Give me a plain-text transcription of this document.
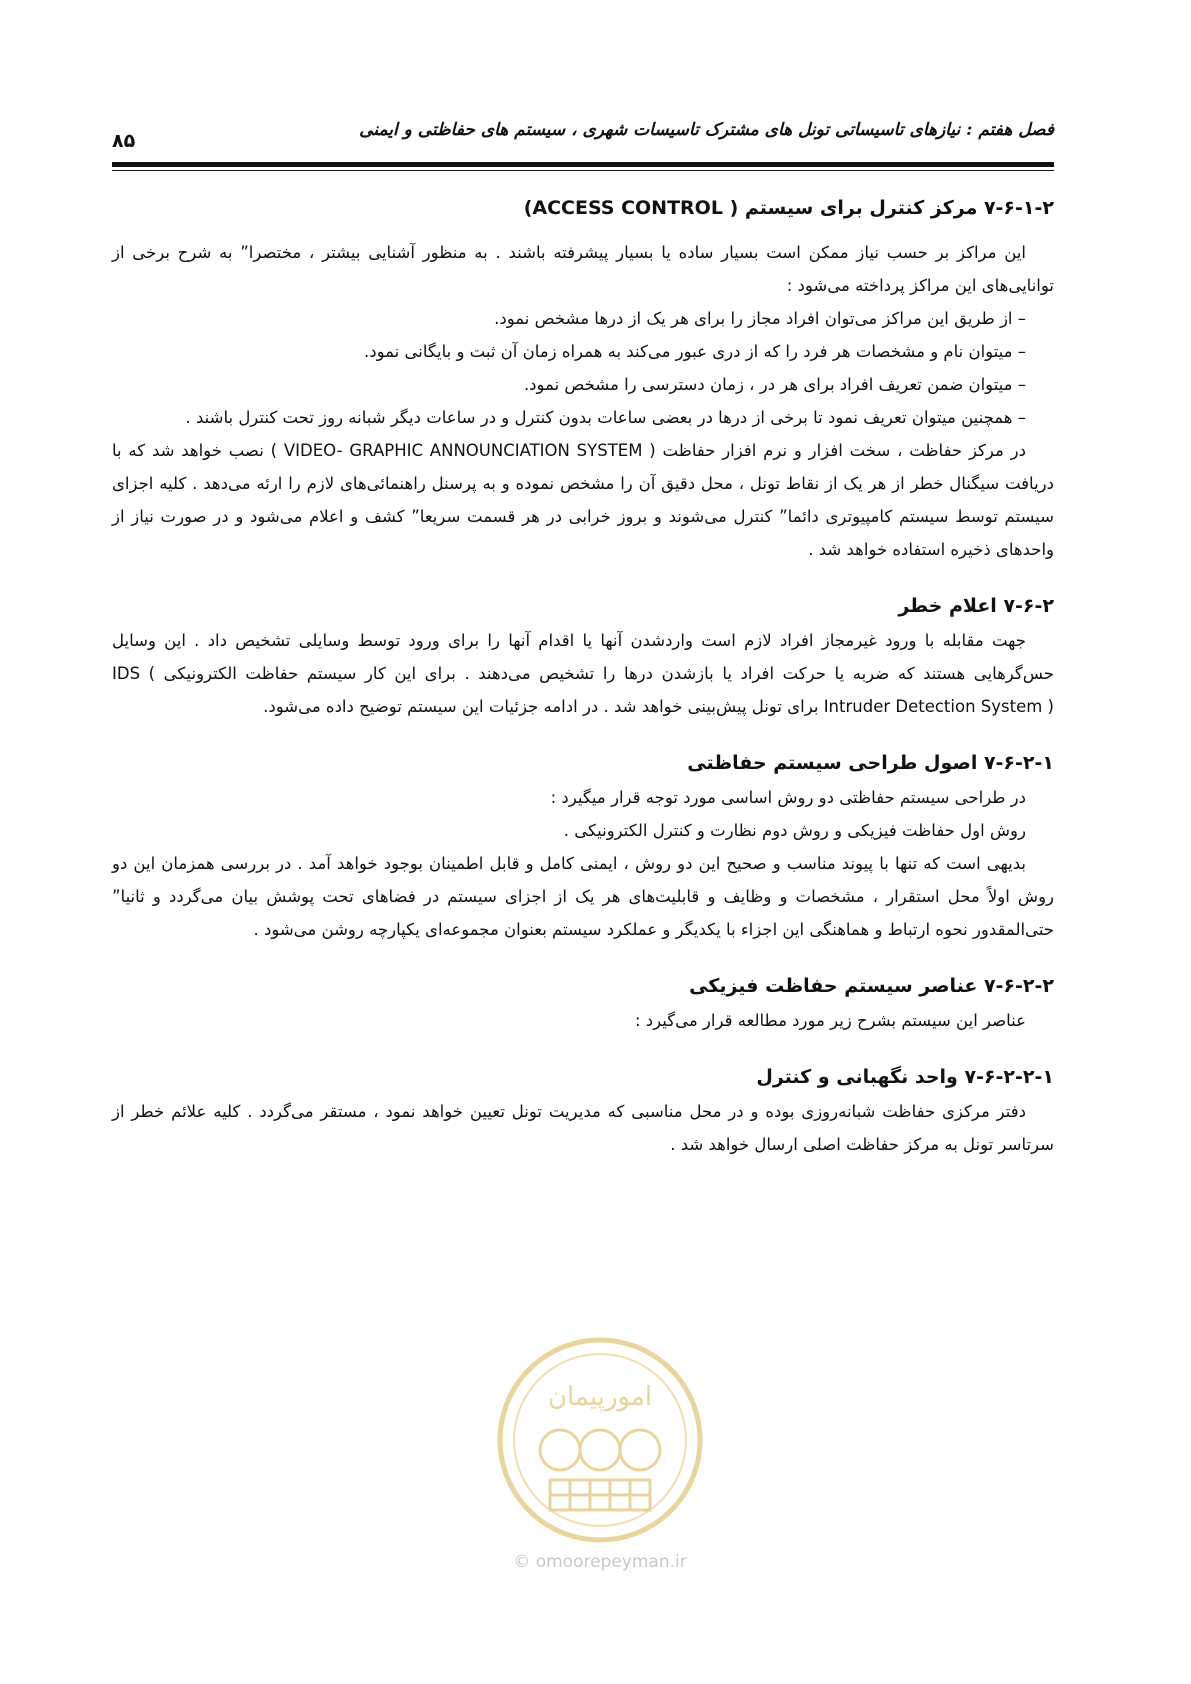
۸۵	فصل هفتم : نیازهای تاسیساتی تونل های مشترک تاسیسات شهری ، سیستم های حفاظتی و ایمنی
۷-۶-۱-۲ مرکز کنترل برای سیستم ( ACCESS CONTROL)

این مراکز بر حسب نیاز ممکن است بسیار ساده یا بسیار پیشرفته باشند . به منظور آشنایی بیشتر ، مختصرا” به شرح برخی از توانایی‌های این مراکز پرداخته می‌شود :

– از طریق این مراکز می‌توان افراد مجاز را برای هر یک از درها مشخص نمود.

– میتوان نام و مشخصات هر فرد را که از دری عبور می‌کند به همراه زمان آن ثبت و بایگانی نمود.

– میتوان ضمن تعریف افراد برای هر در ، زمان دسترسی را مشخص نمود.

– همچنین میتوان تعریف نمود تا برخی از درها در بعضی ساعات بدون کنترل و در ساعات دیگر شبانه روز تحت کنترل باشند .

در مرکز حفاظت ، سخت افزار و نرم افزار حفاظت ( VIDEO- GRAPHIC ANNOUNCIATION SYSTEM ) نصب خواهد شد که با دریافت سیگنال خطر از هر یک از نقاط تونل ، محل دقیق آن را مشخص نموده و به پرسنل راهنمائی‌های لازم را ارئه می‌دهد . کلیه اجزای سیستم توسط سیستم کامپیوتری دائما” کنترل می‌شوند و بروز خرابی در هر قسمت سریعا” کشف و اعلام می‌شود و در صورت نیاز از واحدهای ذخیره استفاده خواهد شد .

۷-۶-۲ اعلام خطر

جهت مقابله با ورود غیرمجاز افراد لازم است واردشدن آنها یا اقدام آنها را برای ورود توسط وسایلی تشخیص داد . این وسایل حس‌گرهایی هستند که ضربه یا حرکت افراد یا بازشدن درها را تشخیص می‌دهند . برای این کار سیستم حفاظت الکترونیکی IDS ( Intruder Detection System ) برای تونل پیش‌بینی خواهد شد . در ادامه جزئیات این سیستم توضیح داده می‌شود.

۷-۶-۲-۱ اصول طراحی سیستم حفاظتی

در طراحی سیستم حفاظتی دو روش اساسی مورد توجه قرار میگیرد :

روش اول حفاظت فیزیکی و روش دوم نظارت و کنترل الکترونیکی .

بدیهی است که تنها با پیوند مناسب و صحیح این دو روش ، ایمنی کامل و قابل اطمینان بوجود خواهد آمد . در بررسی همزمان این دو روش اولاً محل استقرار ، مشخصات و وظایف و قابلیت‌های هر یک از اجزای سیستم در فضاهای تحت پوشش بیان می‌گردد و ثانیا” حتی‌المقدور نحوه ارتباط و هماهنگی این اجزاء با یکدیگر و عملکرد سیستم بعنوان مجموعه‌ای یکپارچه روشن می‌شود .

۷-۶-۲-۲ عناصر سیستم حفاظت فیزیکی

عناصر این سیستم بشرح زیر مورد مطالعه قرار می‌گیرد :

۷-۶-۲-۲-۱ واحد نگهبانی و کنترل

دفتر مرکزی حفاظت شبانه‌روزی بوده و در محل مناسبی که مدیریت تونل تعیین خواهد نمود ، مستقر می‌گردد . کلیه علائم خطر از سرتاسر تونل به مرکز حفاظت اصلی ارسال خواهد شد .

امورپیمان
© omoorepeyman.ir
